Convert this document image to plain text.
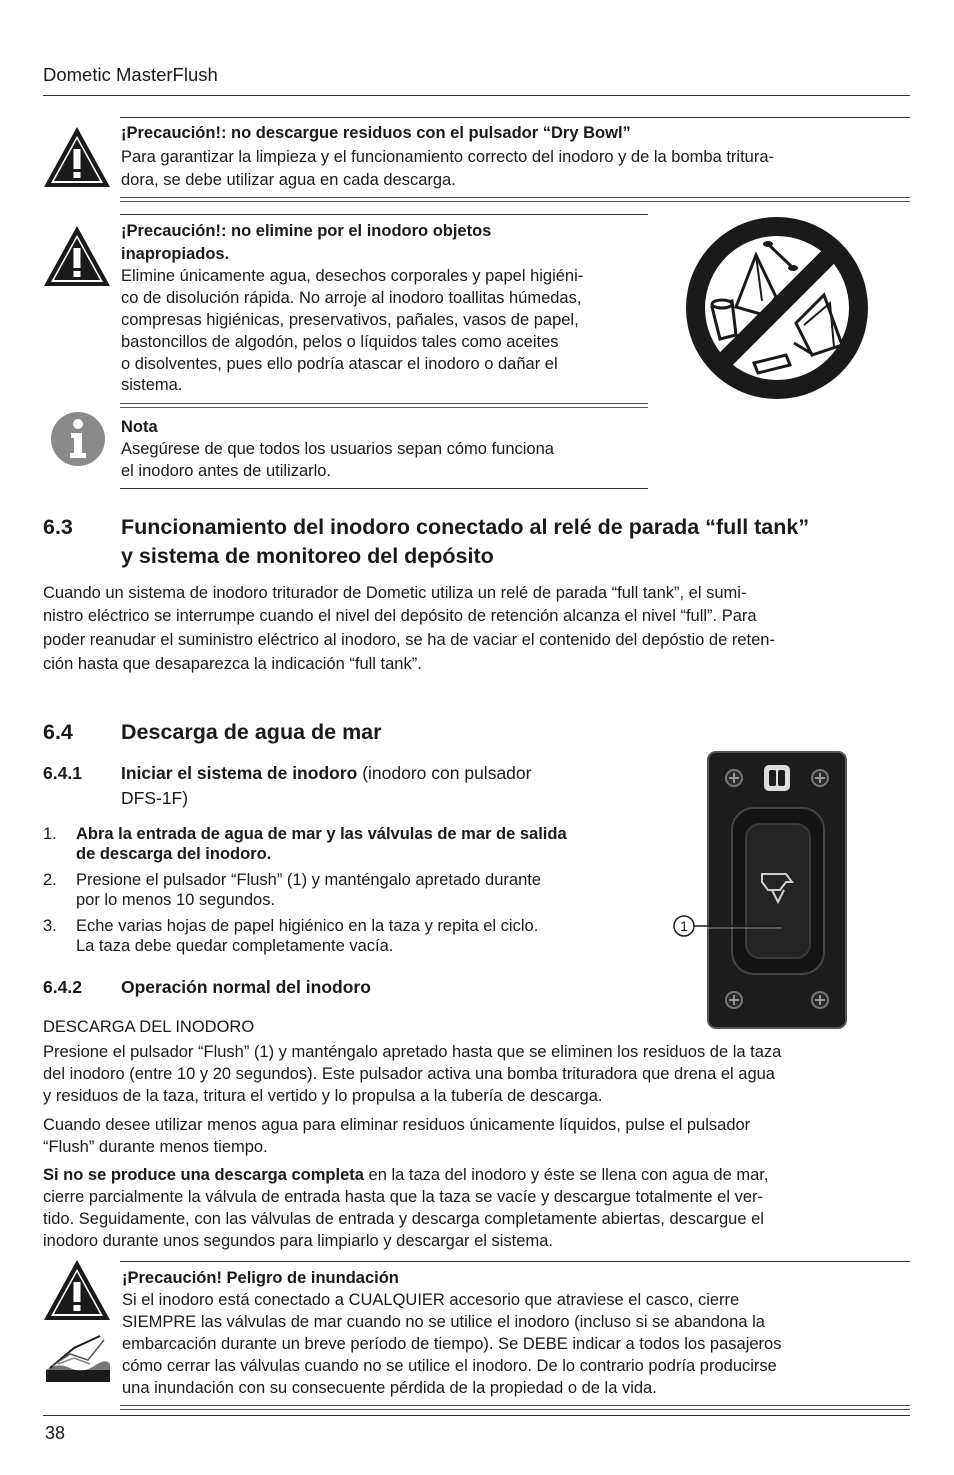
Dometic MasterFlush
¡Precaución!: no descargue residuos con el pulsador “Dry Bowl”
Para garantizar la limpieza y el funcionamiento correcto del inodoro y de la bomba tritura-
dora, se debe utilizar agua en cada descarga.
¡Precaución!: no elimine por el inodoro objetos
inapropiados.
Elimine únicamente agua, desechos corporales y papel higiéni-
co de disolución rápida. No arroje al inodoro toallitas húmedas,
compresas higiénicas, preservativos, pañales, vasos de papel,
bastoncillos de algodón, pelos o líquidos tales como aceites
o disolventes, pues ello podría atascar el inodoro o dañar el
sistema.
Nota
Asegúrese de que todos los usuarios sepan cómo funciona
el inodoro antes de utilizarlo.
6.3 Funcionamiento del inodoro conectado al relé de parada “full tank”
y sistema de monitoreo del depósito
Cuando un sistema de inodoro triturador de Dometic utiliza un relé de parada “full tank”, el sumi-
nistro eléctrico se interrumpe cuando el nivel del depósito de retención alcanza el nivel “full”. Para
poder reanudar el suministro eléctrico al inodoro, se ha de vaciar el contenido del depóstio de reten-
ción hasta que desaparezca la indicación “full tank”.
6.4 Descarga de agua de mar
6.4.1 Iniciar el sistema de inodoro (inodoro con pulsador
DFS-1F)
1. Abra la entrada de agua de mar y las válvulas de mar de salida
de descarga del inodoro.
2. Presione el pulsador “Flush” (1) y manténgalo apretado durante
por lo menos 10 segundos.
3. Eche varias hojas de papel higiénico en la taza y repita el ciclo.
La taza debe quedar completamente vacía.
1
6.4.2 Operación normal del inodoro
DESCARGA DEL INODORO

Presione el pulsador “Flush” (1) y manténgalo apretado hasta que se eliminen los residuos de la taza

del inodoro (entre 10 y 20 segundos). Este pulsador activa una bomba trituradora que drena el agua

y residuos de la taza, tritura el vertido y lo propulsa a la tubería de descarga.

Cuando desee utilizar menos agua para eliminar residuos únicamente líquidos, pulse el pulsador

“Flush” durante menos tiempo.

Si no se produce una descarga completa en la taza del inodoro y éste se llena con agua de mar,

cierre parcialmente la válvula de entrada hasta que la taza se vacíe y descargue totalmente el ver-

tido. Seguidamente, con las válvulas de entrada y descarga completamente abiertas, descargue el

inodoro durante unos segundos para limpiarlo y descargar el sistema.

¡Precaución! Peligro de inundación
Si el inodoro está conectado a CUALQUIER accesorio que atraviese el casco, cierre
SIEMPRE las válvulas de mar cuando no se utilice el inodoro (incluso si se abandona la
embarcación durante un breve período de tiempo). Se DEBE indicar a todos los pasajeros
cómo cerrar las válvulas cuando no se utilice el inodoro. De lo contrario podría producirse
una inundación con su consecuente pérdida de la propiedad o de la vida.
38
